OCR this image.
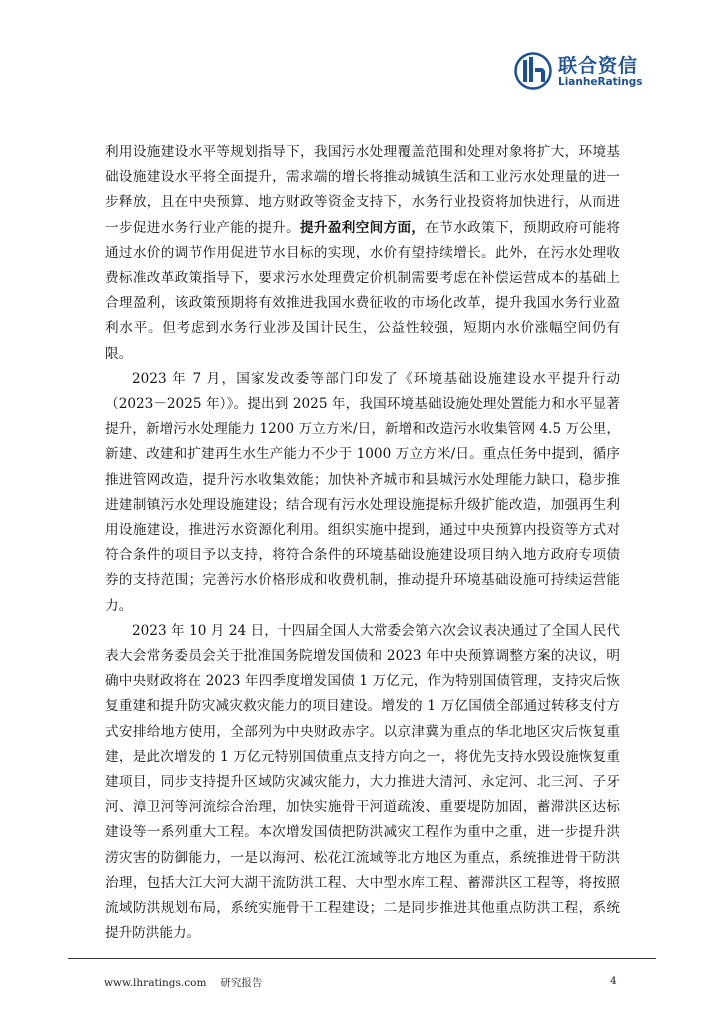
联合资信
LianheRatings

利用设施建设水平等规划指导下，我国污水处理覆盖范围和处理对象将扩大，环境基础设施建设水平将全面提升，需求端的增长将推动城镇生活和工业污水处理量的进一步释放，且在中央预算、地方财政等资金支持下，水务行业投资将加快进行，从而进一步促进水务行业产能的提升。提升盈利空间方面，在节水政策下，预期政府可能将通过水价的调节作用促进节水目标的实现，水价有望持续增长。此外，在污水处理收费标准改革政策指导下，要求污水处理费定价机制需要考虑在补偿运营成本的基础上合理盈利，该政策预期将有效推进我国水费征收的市场化改革，提升我国水务行业盈利水平。但考虑到水务行业涉及国计民生，公益性较强，短期内水价涨幅空间仍有限。

2023 年 7 月，国家发改委等部门印发了《环境基础设施建设水平提升行动（2023－2025 年）》。提出到 2025 年，我国环境基础设施处理处置能力和水平显著提升，新增污水处理能力 1200 万立方米/日，新增和改造污水收集管网 4.5 万公里，新建、改建和扩建再生水生产能力不少于 1000 万立方米/日。重点任务中提到，循序推进管网改造，提升污水收集效能；加快补齐城市和县城污水处理能力缺口，稳步推进建制镇污水处理设施建设；结合现有污水处理设施提标升级扩能改造，加强再生利用设施建设，推进污水资源化利用。组织实施中提到，通过中央预算内投资等方式对符合条件的项目予以支持，将符合条件的环境基础设施建设项目纳入地方政府专项债券的支持范围；完善污水价格形成和收费机制，推动提升环境基础设施可持续运营能力。

2023 年 10 月 24 日，十四届全国人大常委会第六次会议表决通过了全国人民代表大会常务委员会关于批准国务院增发国债和 2023 年中央预算调整方案的决议，明确中央财政将在 2023 年四季度增发国债 1 万亿元，作为特别国债管理，支持灾后恢复重建和提升防灾减灾救灾能力的项目建设。增发的 1 万亿国债全部通过转移支付方式安排给地方使用，全部列为中央财政赤字。以京津冀为重点的华北地区灾后恢复重建，是此次增发的 1 万亿元特别国债重点支持方向之一，将优先支持水毁设施恢复重建项目，同步支持提升区域防灾减灾能力，大力推进大清河、永定河、北三河、子牙河、漳卫河等河流综合治理，加快实施骨干河道疏浚、重要堤防加固，蓄滞洪区达标建设等一系列重大工程。本次增发国债把防洪减灾工程作为重中之重，进一步提升洪涝灾害的防御能力，一是以海河、松花江流域等北方地区为重点，系统推进骨干防洪治理，包括大江大河大湖干流防洪工程、大中型水库工程、蓄滞洪区工程等，将按照流域防洪规划布局，系统实施骨干工程建设；二是同步推进其他重点防洪工程，系统提升防洪能力。

www.lhratings.com 研究报告	4
